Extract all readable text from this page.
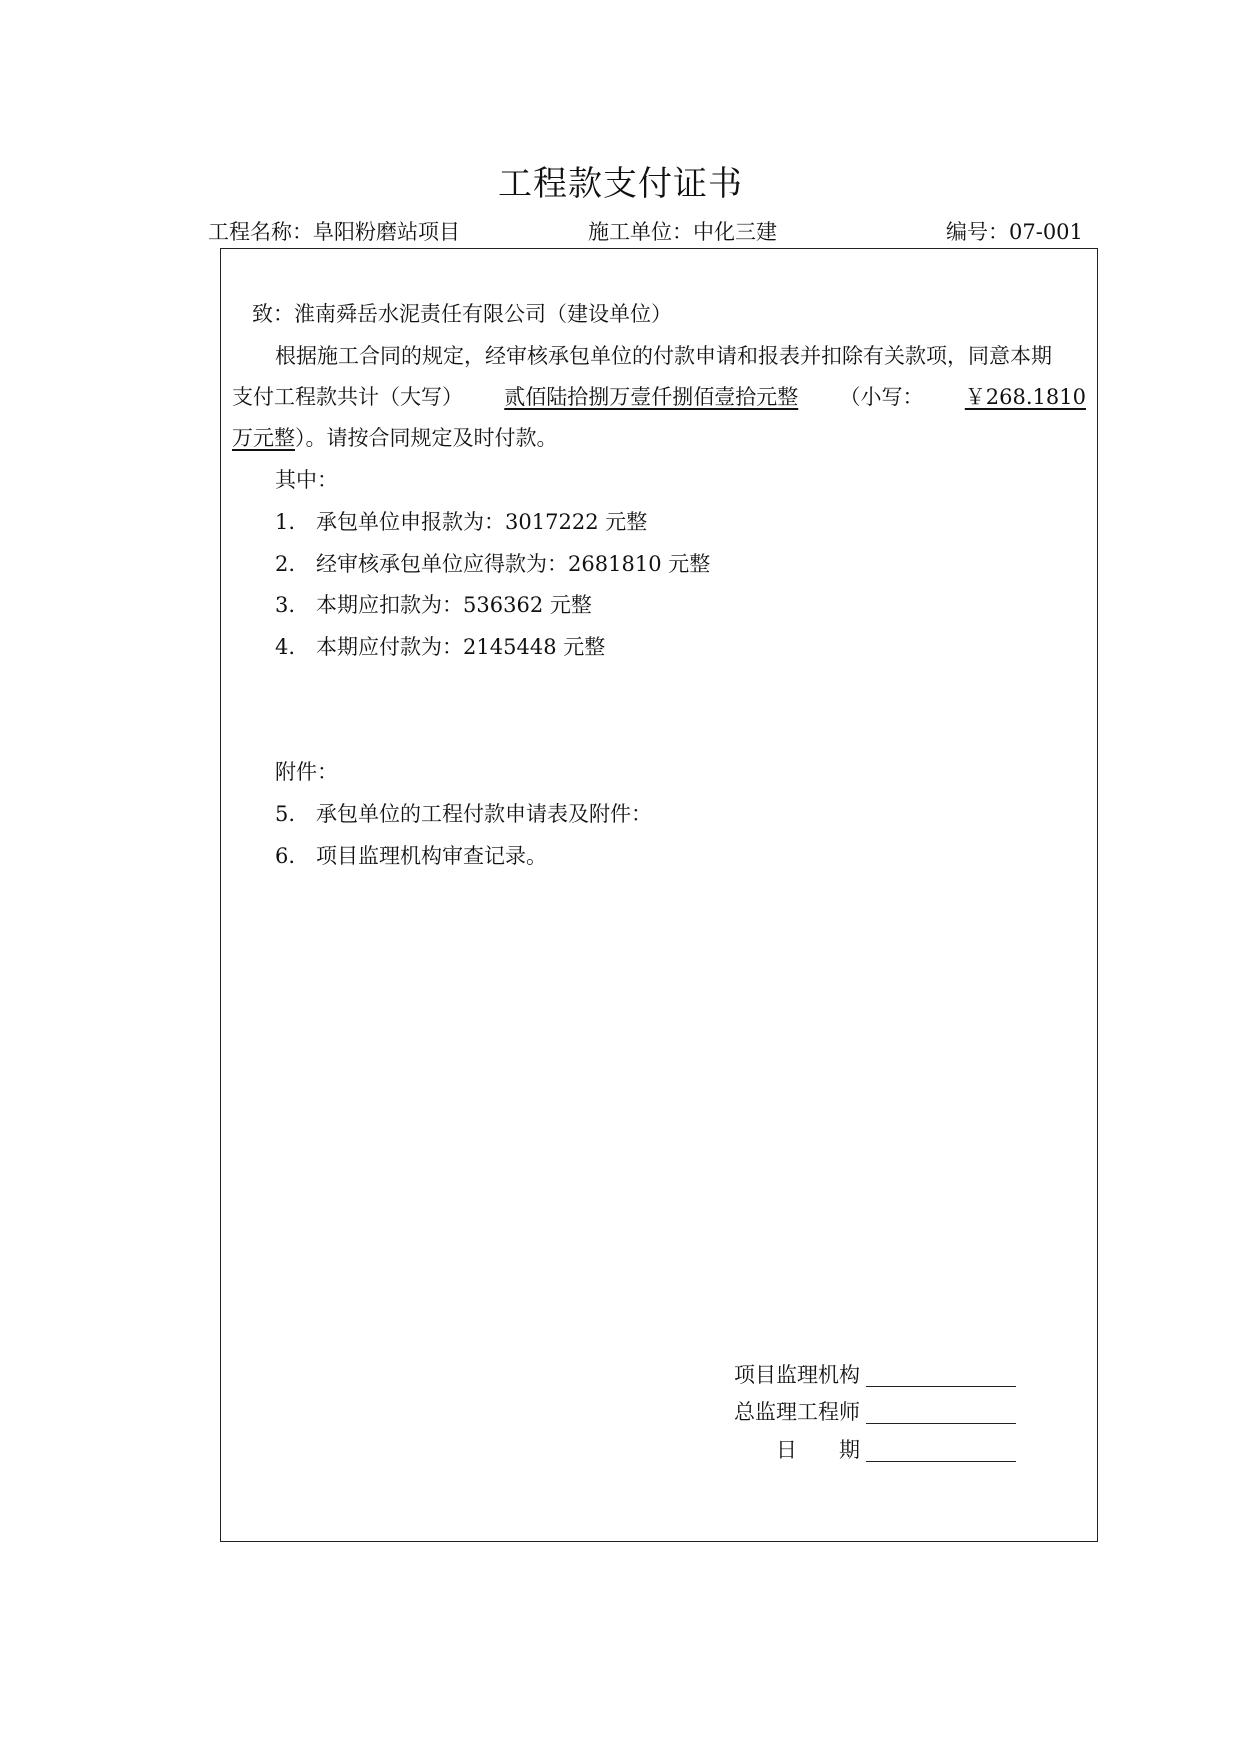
工程款支付证书
工程名称：阜阳粉磨站项目	施工单位：中化三建	编号：07-001
致：淮南舜岳水泥责任有限公司（建设单位）
根据施工合同的规定，经审核承包单位的付款申请和报表并扣除有关款项，同意本期
支付工程款共计（大写） 贰佰陆拾捌万壹仟捌佰壹拾元整 （小写： ￥268.1810
万元整）。请按合同规定及时付款。
其中：
1.　承包单位申报款为：3017222 元整
2.　经审核承包单位应得款为：2681810 元整
3.　本期应扣款为：536362 元整
4.　本期应付款为：2145448 元整
附件：
5.　承包单位的工程付款申请表及附件：
6.　项目监理机构审查记录。
项目监理机构
总监理工程师
日　　期
